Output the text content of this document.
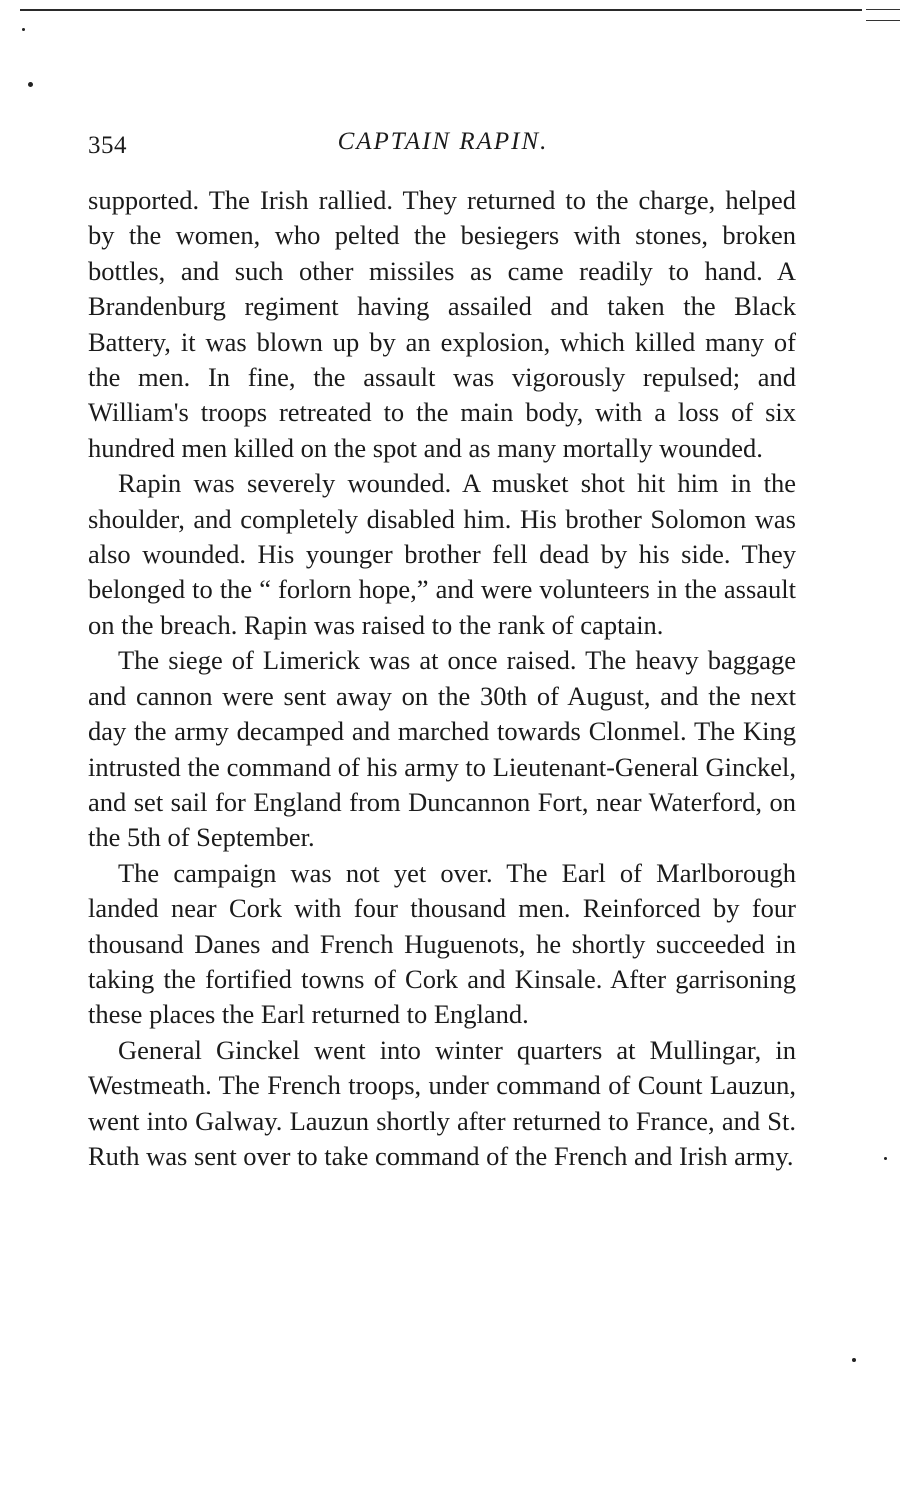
354	CAPTAIN RAPIN.

supported. The Irish rallied. They returned to the charge, helped by the women, who pelted the besiegers with stones, broken bottles, and such other missiles as came readily to hand. A Brandenburg regiment having assailed and taken the Black Battery, it was blown up by an explosion, which killed many of the men. In fine, the assault was vigorously repulsed; and William's troops retreated to the main body, with a loss of six hundred men killed on the spot and as many mortally wounded.

Rapin was severely wounded. A musket shot hit him in the shoulder, and completely disabled him. His brother Solomon was also wounded. His younger brother fell dead by his side. They belonged to the “ forlorn hope,” and were volunteers in the assault on the breach. Rapin was raised to the rank of captain.

The siege of Limerick was at once raised. The heavy baggage and cannon were sent away on the 30th of August, and the next day the army decamped and marched towards Clonmel. The King intrusted the command of his army to Lieutenant-General Ginckel, and set sail for England from Duncannon Fort, near Waterford, on the 5th of September.

The campaign was not yet over. The Earl of Marlborough landed near Cork with four thousand men. Reinforced by four thousand Danes and French Huguenots, he shortly succeeded in taking the fortified towns of Cork and Kinsale. After garrisoning these places the Earl returned to England.

General Ginckel went into winter quarters at Mullingar, in Westmeath. The French troops, under command of Count Lauzun, went into Galway. Lauzun shortly after returned to France, and St. Ruth was sent over to take command of the French and Irish army.
